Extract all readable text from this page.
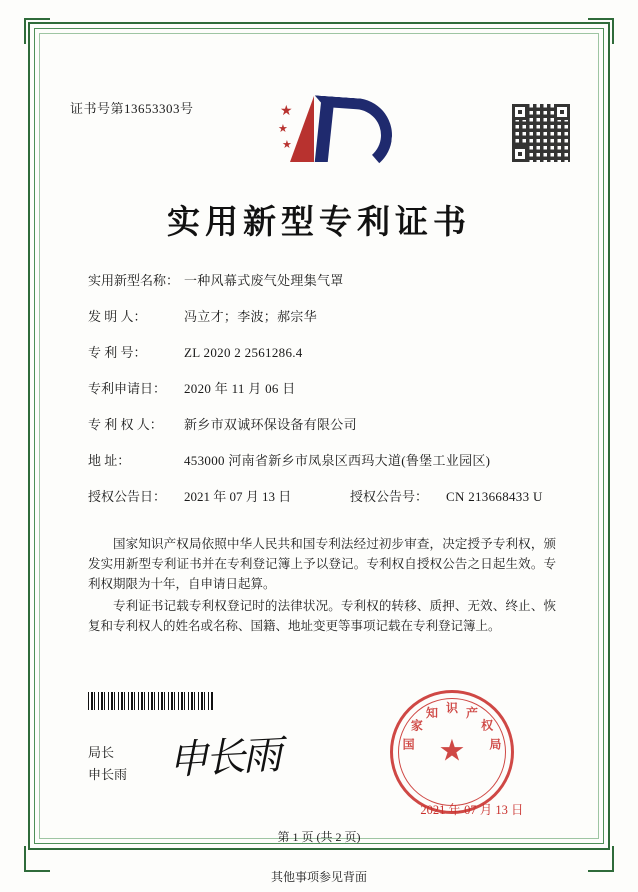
证书号第13653303号	★
★
★
实用新型专利证书
实用新型名称： 一种风幕式废气处理集气罩
发 明 人：	冯立才；李波；郝宗华
专 利 号：	ZL 2020 2 2561286.4
专利申请日：	2020 年 11 月 06 日
专 利 权 人：	新乡市双诚环保设备有限公司
地 址：	453000 河南省新乡市凤泉区西玛大道(鲁堡工业园区)
授权公告日：	2021 年 07 月 13 日	授权公告号：	CN 213668433 U

国家知识产权局依照中华人民共和国专利法经过初步审查，决定授予专利权，颁发实用新型专利证书并在专利登记簿上予以登记。专利权自授权公告之日起生效。专利权期限为十年，自申请日起算。

专利证书记载专利权登记时的法律状况。专利权的转移、质押、无效、终止、恢复和专利权人的姓名或名称、国籍、地址变更等事项记载在专利登记簿上。

局长
申长雨 申长雨	★
国
家
知 识 产
权
局
2021 年 07 月 13 日
第 1 页 (共 2 页)
其他事项参见背面
